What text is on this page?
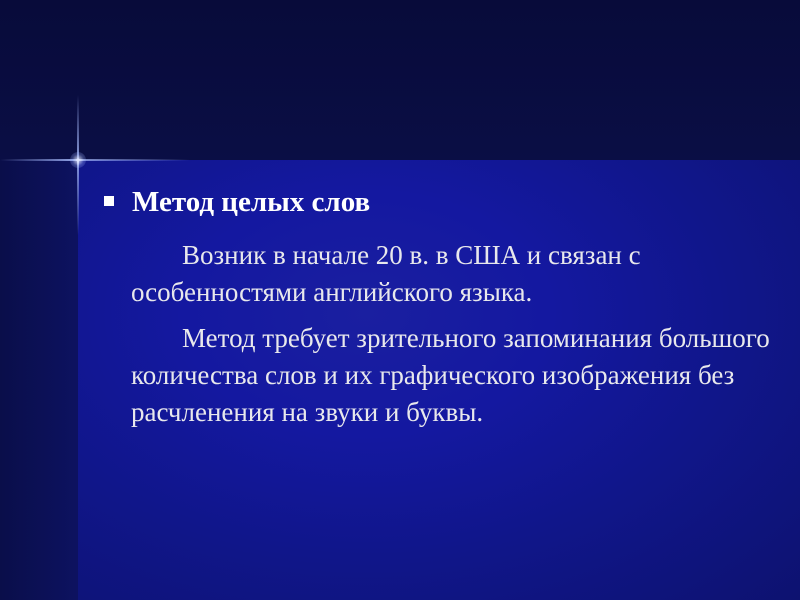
Метод целых слов
Возник в начале 20 в. в США и связан с особенностями английского языка.
Метод требует зрительного запоминания большого количества слов и их графического изображения без расчленения на звуки и буквы.
